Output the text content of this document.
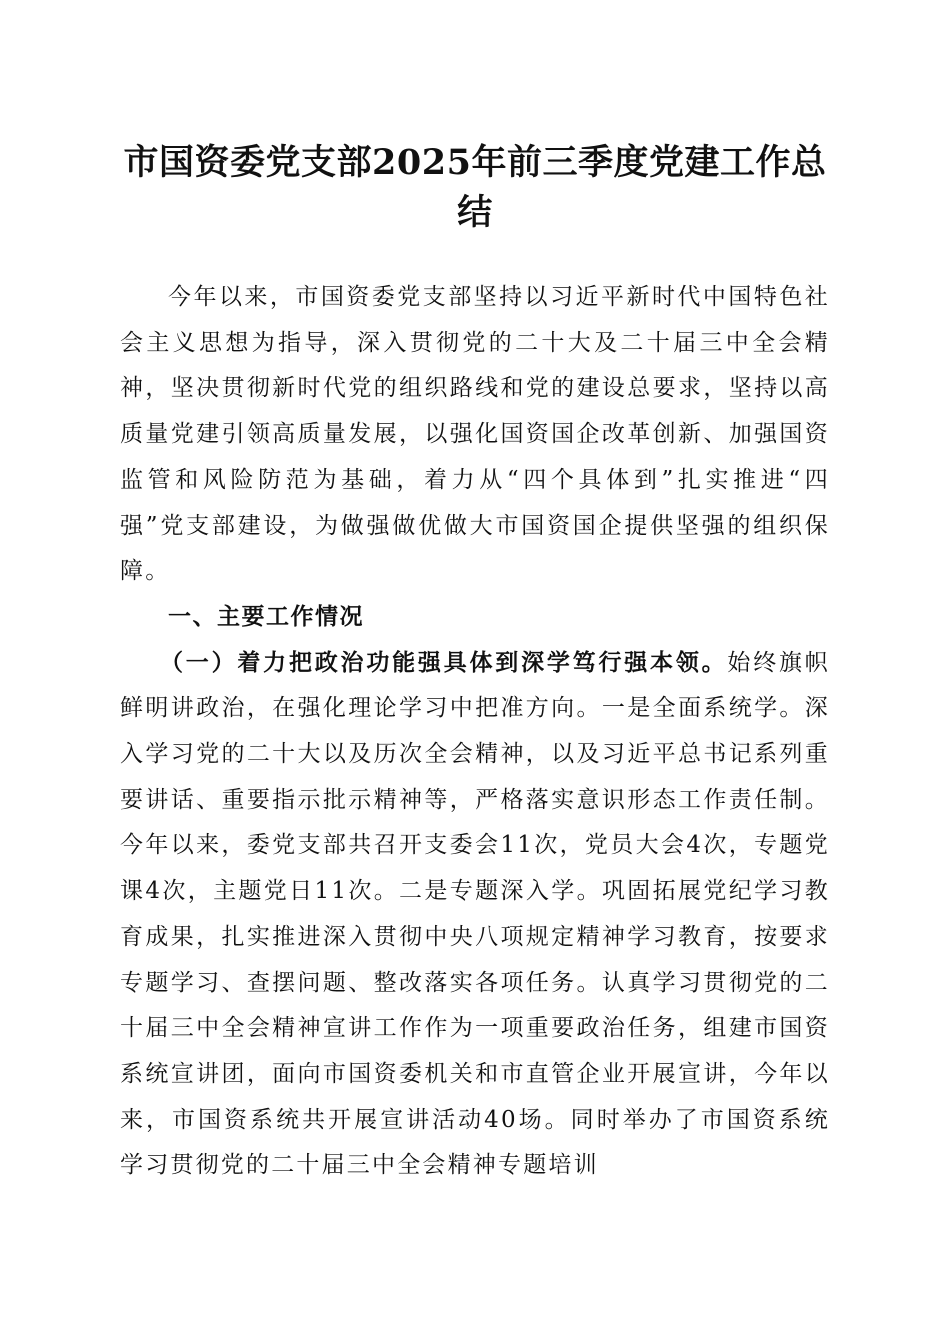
市国资委党支部2025年前三季度党建工作总结

今年以来，市国资委党支部坚持以习近平新时代中国特色社会主义思想为指导，深入贯彻党的二十大及二十届三中全会精神，坚决贯彻新时代党的组织路线和党的建设总要求，坚持以高质量党建引领高质量发展，以强化国资国企改革创新、加强国资监管和风险防范为基础，着力从“四个具体到”扎实推进“四强”党支部建设，为做强做优做大市国资国企提供坚强的组织保障。

一、主要工作情况

（一）着力把政治功能强具体到深学笃行强本领。始终旗帜鲜明讲政治，在强化理论学习中把准方向。一是全面系统学。深入学习党的二十大以及历次全会精神，以及习近平总书记系列重要讲话、重要指示批示精神等，严格落实意识形态工作责任制。今年以来，委党支部共召开支委会11次，党员大会4次，专题党课4次，主题党日11次。二是专题深入学。巩固拓展党纪学习教育成果，扎实推进深入贯彻中央八项规定精神学习教育，按要求专题学习、查摆问题、整改落实各项任务。认真学习贯彻党的二十届三中全会精神宣讲工作作为一项重要政治任务，组建市国资系统宣讲团，面向市国资委机关和市直管企业开展宣讲，今年以来，市国资系统共开展宣讲活动40场。同时举办了市国资系统学习贯彻党的二十届三中全会精神专题培训
